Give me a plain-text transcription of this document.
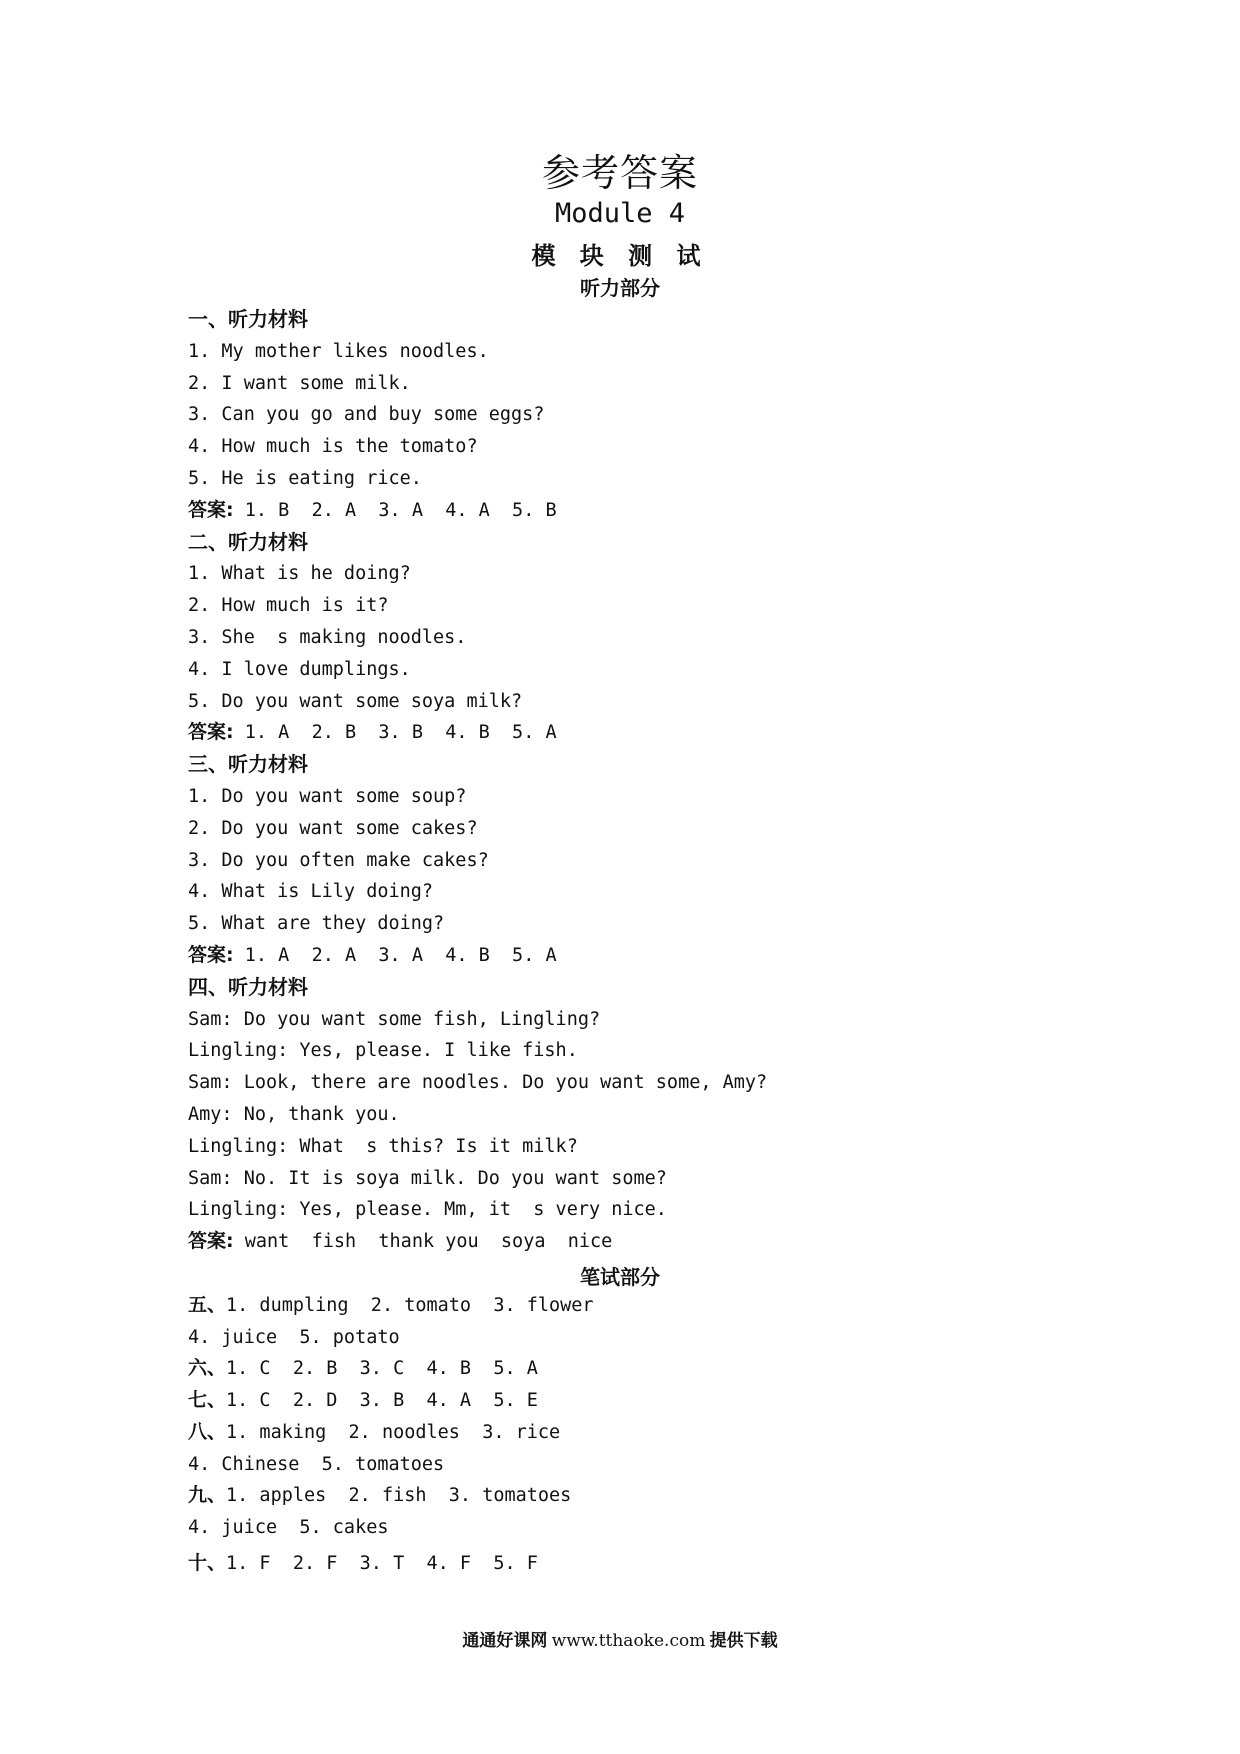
参考答案
Module 4
模 块 测 试
听力部分
一、听力材料
1. My mother likes noodles.
2. I want some milk.
3. Can you go and buy some eggs?
4. How much is the tomato?
5. He is eating rice.
答案: 1. B  2. A  3. A  4. A  5. B
二、听力材料
1. What is he doing?
2. How much is it?
3. She  s making noodles.
4. I love dumplings.
5. Do you want some soya milk?
答案: 1. A  2. B  3. B  4. B  5. A
三、听力材料
1. Do you want some soup?
2. Do you want some cakes?
3. Do you often make cakes?
4. What is Lily doing?
5. What are they doing?
答案: 1. A  2. A  3. A  4. B  5. A
四、听力材料
Sam: Do you want some fish, Lingling?
Lingling: Yes, please. I like fish.
Sam: Look, there are noodles. Do you want some, Amy?
Amy: No, thank you.
Lingling: What  s this? Is it milk?
Sam: No. It is soya milk. Do you want some?
Lingling: Yes, please. Mm, it  s very nice.
答案: want  fish  thank you  soya  nice
五、1. dumpling  2. tomato  3. flower
4. juice  5. potato
六、1. C  2. B  3. C  4. B  5. A
七、1. C  2. D  3. B  4. A  5. E
八、1. making  2. noodles  3. rice
4. Chinese  5. tomatoes
九、1. apples  2. fish  3. tomatoes
4. juice  5. cakes
十、1. F  2. F  3. T  4. F  5. F
笔试部分
通通好课网 www.tthaoke.com 提供下载
